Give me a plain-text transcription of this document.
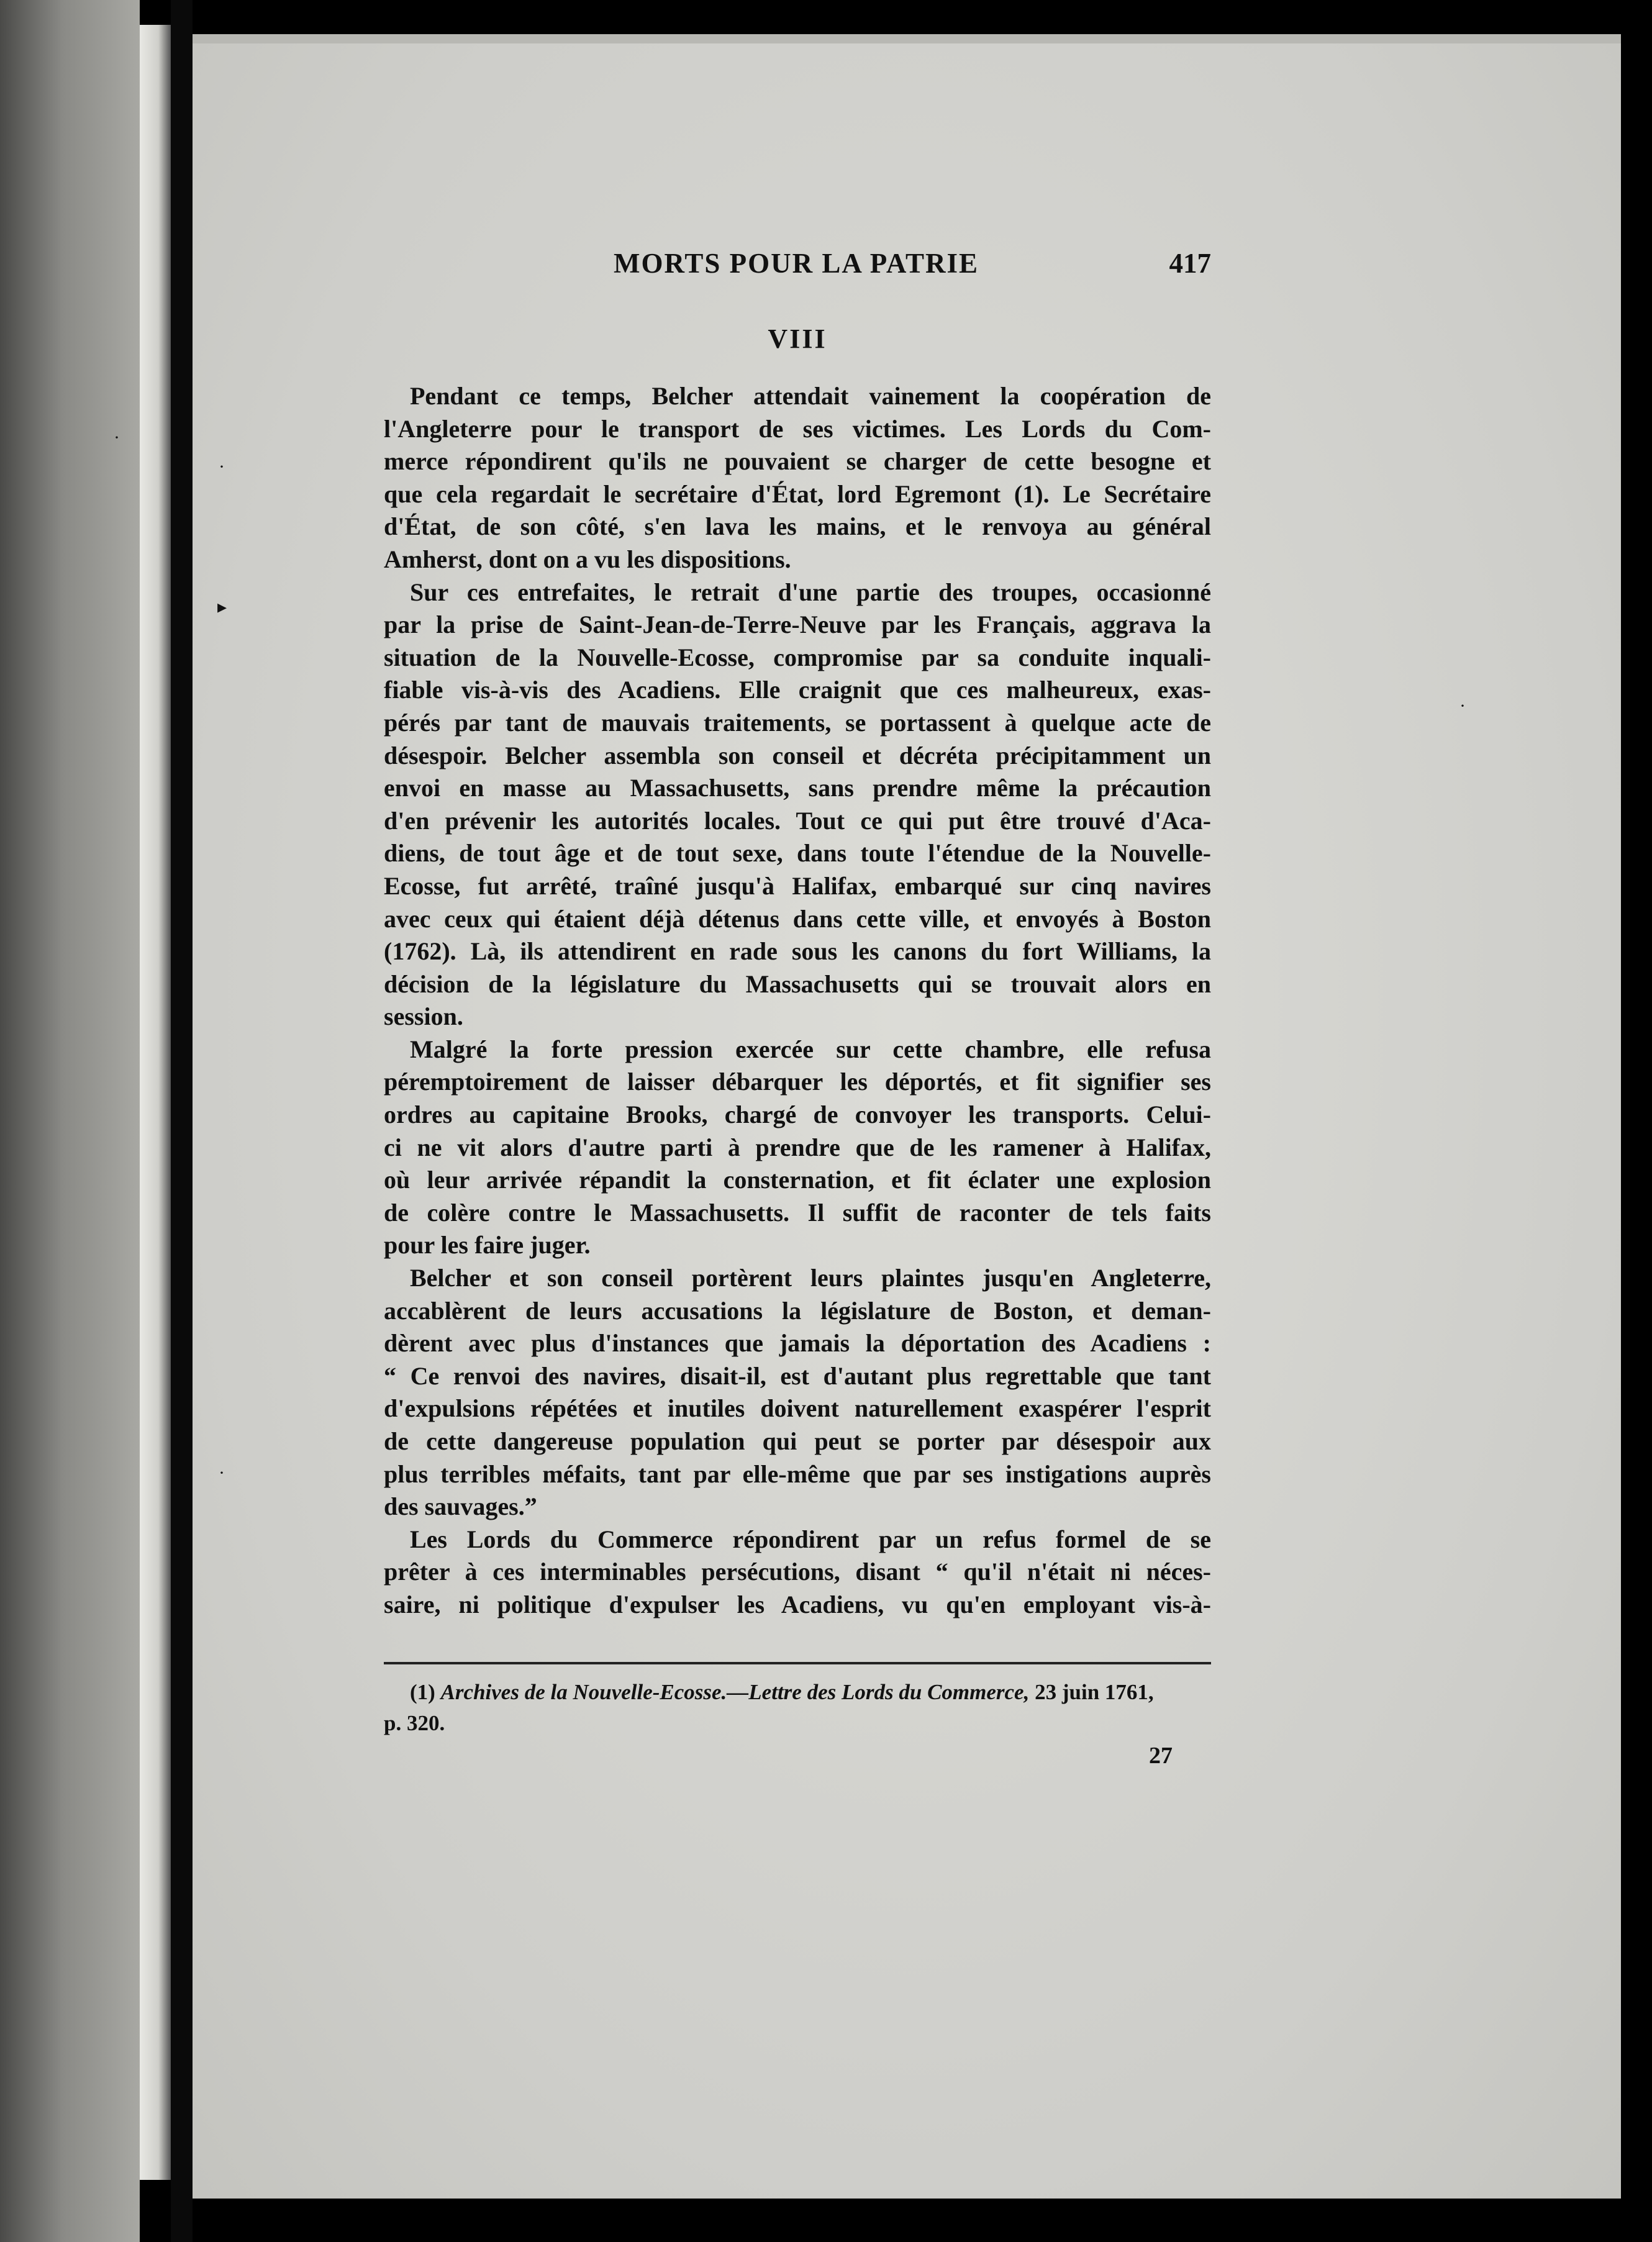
·
·
▸
·
·
MORTS POUR LA PATRIE	417
VIII
Pendant ce temps, Belcher attendait vainement la coopération de
l'Angleterre pour le transport de ses victimes. Les Lords du Com-
merce répondirent qu'ils ne pouvaient se charger de cette besogne et
que cela regardait le secrétaire d'État, lord Egremont (1). Le Secrétaire
d'État, de son côté, s'en lava les mains, et le renvoya au général
Amherst, dont on a vu les dispositions.
Sur ces entrefaites, le retrait d'une partie des troupes, occasionné
par la prise de Saint-Jean-de-Terre-Neuve par les Français, aggrava la
situation de la Nouvelle-Ecosse, compromise par sa conduite inquali-
fiable vis-à-vis des Acadiens. Elle craignit que ces malheureux, exas-
pérés par tant de mauvais traitements, se portassent à quelque acte de
désespoir. Belcher assembla son conseil et décréta précipitamment un
envoi en masse au Massachusetts, sans prendre même la précaution
d'en prévenir les autorités locales. Tout ce qui put être trouvé d'Aca-
diens, de tout âge et de tout sexe, dans toute l'étendue de la Nouvelle-
Ecosse, fut arrêté, traîné jusqu'à Halifax, embarqué sur cinq navires
avec ceux qui étaient déjà détenus dans cette ville, et envoyés à Boston
(1762). Là, ils attendirent en rade sous les canons du fort Williams, la
décision de la législature du Massachusetts qui se trouvait alors en
session.
Malgré la forte pression exercée sur cette chambre, elle refusa
péremptoirement de laisser débarquer les déportés, et fit signifier ses
ordres au capitaine Brooks, chargé de convoyer les transports. Celui-
ci ne vit alors d'autre parti à prendre que de les ramener à Halifax,
où leur arrivée répandit la consternation, et fit éclater une explosion
de colère contre le Massachusetts. Il suffit de raconter de tels faits
pour les faire juger.
Belcher et son conseil portèrent leurs plaintes jusqu'en Angleterre,
accablèrent de leurs accusations la législature de Boston, et deman-
dèrent avec plus d'instances que jamais la déportation des Acadiens :
“ Ce renvoi des navires, disait-il, est d'autant plus regrettable que tant
d'expulsions répétées et inutiles doivent naturellement exaspérer l'esprit
de cette dangereuse population qui peut se porter par désespoir aux
plus terribles méfaits, tant par elle-même que par ses instigations auprès
des sauvages.”
Les Lords du Commerce répondirent par un refus formel de se
prêter à ces interminables persécutions, disant “ qu'il n'était ni néces-
saire, ni politique d'expulser les Acadiens, vu qu'en employant vis-à-
(1) Archives de la Nouvelle-Ecosse.—Lettre des Lords du Commerce, 23 juin 1761,
p. 320.
27
